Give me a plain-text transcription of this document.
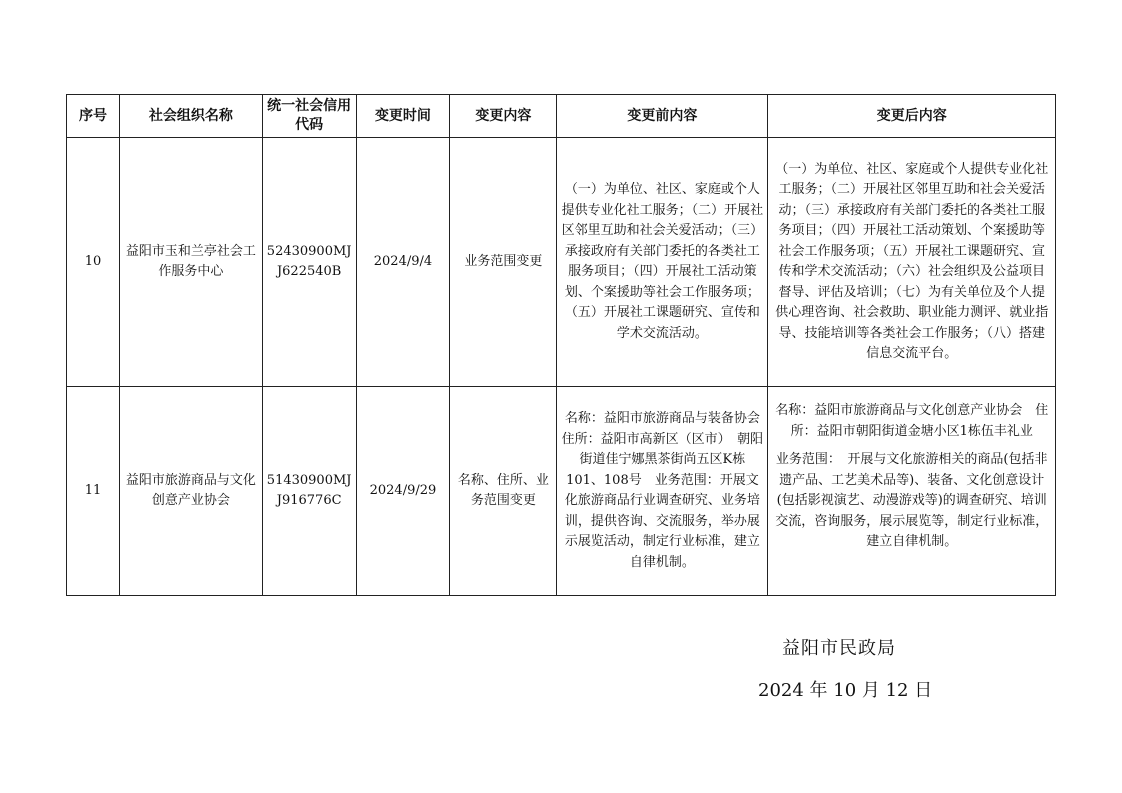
序号	社会组织名称	统一社会信用代码	变更时间	变更内容	变更前内容	变更后内容
10	益阳市玉和兰亭社会工作服务中心	52430900MJJ622540B	2024/9/4	业务范围变更	（一）为单位、社区、家庭或个人提供专业化社工服务；（二）开展社区邻里互助和社会关爱活动；（三）承接政府有关部门委托的各类社工服务项目；（四）开展社工活动策划、个案援助等社会工作服务项；（五）开展社工课题研究、宣传和学术交流活动。	（一）为单位、社区、家庭或个人提供专业化社工服务；（二）开展社区邻里互助和社会关爱活动；（三）承接政府有关部门委托的各类社工服务项目；（四）开展社工活动策划、个案援助等社会工作服务项；（五）开展社工课题研究、宣传和学术交流活动；（六）社会组织及公益项目督导、评估及培训；（七）为有关单位及个人提供心理咨询、社会救助、职业能力测评、就业指导、技能培训等各类社会工作服务；（八）搭建信息交流平台。
11	益阳市旅游商品与文化创意产业协会	51430900MJJ916776C	2024/9/29	名称、住所、业务范围变更	名称：益阳市旅游商品与装备协会　住所：益阳市高新区（区市）　朝阳　街道佳宁娜黑茶街尚五区K栋101、108号　业务范围：开展文化旅游商品行业调查研究、业务培训，提供咨询、交流服务，举办展示展览活动，制定行业标准，建立自律机制。	名称：益阳市旅游商品与文化创意产业协会　住所：益阳市朝阳街道金塘小区1栋伍丰礼业
业务范围：　开展与文化旅游相关的商品(包括非遗产品、工艺美术品等)、装备、文化创意设计(包括影视演艺、动漫游戏等)的调查研究、培训交流，咨询服务，展示展览等，制定行业标准，建立自律机制。
益阳市民政局
2024 年 10 月 12 日
